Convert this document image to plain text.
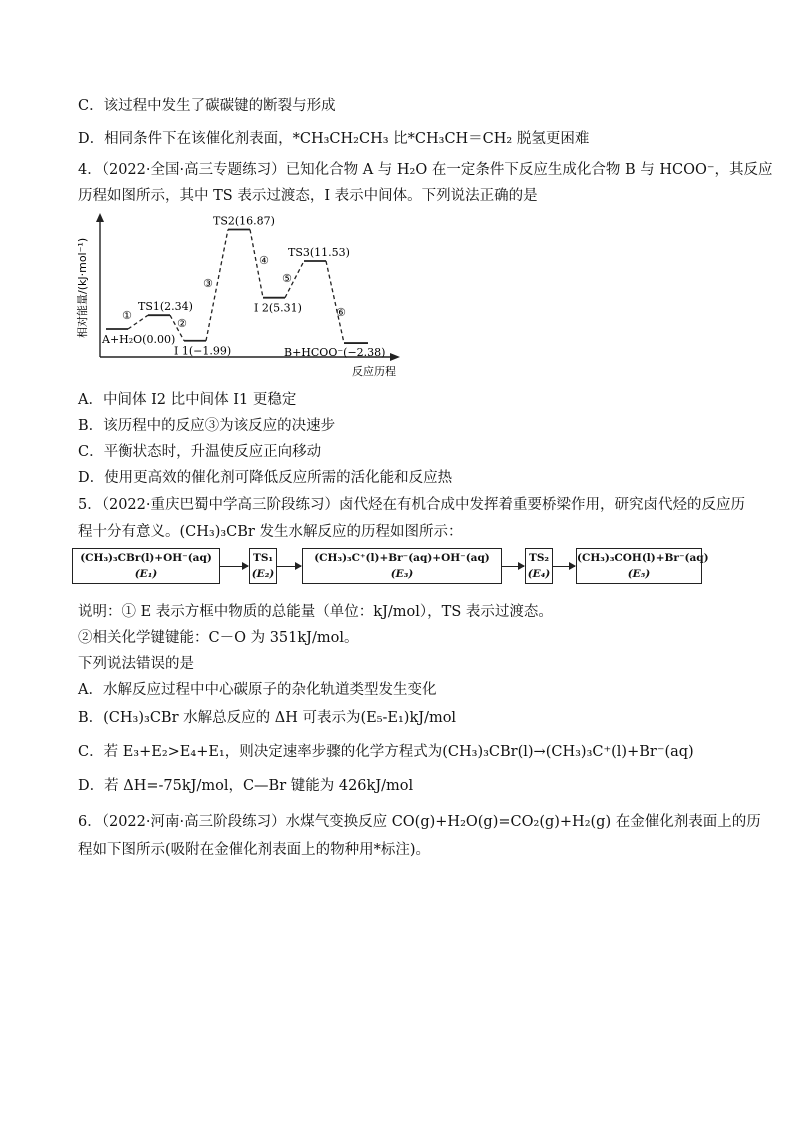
C．该过程中发生了碳碳键的断裂与形成
D．相同条件下在该催化剂表面，*CH₃CH₂CH₃ 比*CH₃CH＝CH₂ 脱氢更困难
4．（2022·全国·高三专题练习）已知化合物 A 与 H₂O 在一定条件下反应生成化合物 B 与 HCOO⁻，其反应
历程如图所示，其中 TS 表示过渡态，I 表示中间体。下列说法正确的是
相对能量/(kJ·mol⁻¹)
反应历程
A+H₂O(0.00)
TS1(2.34)
I 1(−1.99)
TS2(16.87)
I 2(5.31)
TS3(11.53)
B+HCOO⁻(−2.38)
①
②
③
④
⑤
⑥
A．中间体 I2 比中间体 I1 更稳定
B．该历程中的反应③为该反应的决速步
C．平衡状态时，升温使反应正向移动
D．使用更高效的催化剂可降低反应所需的活化能和反应热
5．（2022·重庆巴蜀中学高三阶段练习）卤代烃在有机合成中发挥着重要桥梁作用，研究卤代烃的反应历
程十分有意义。(CH₃)₃CBr 发生水解反应的历程如图所示：
(CH₃)₃CBr(l)+OH⁻(aq)
(E₁)
TS₁
(E₂)
(CH₃)₃C⁺(l)+Br⁻(aq)+OH⁻(aq)
(E₃)
TS₂
(E₄)
(CH₃)₃COH(l)+Br⁻(aq)
(E₅)
说明：① E 表示方框中物质的总能量（单位：kJ/mol），TS 表示过渡态。
②相关化学键键能：C－O 为 351kJ/mol。
下列说法错误的是
A．水解反应过程中中心碳原子的杂化轨道类型发生变化
B．(CH₃)₃CBr 水解总反应的 ΔH 可表示为(E₅-E₁)kJ/mol
C．若 E₃+E₂>E₄+E₁，则决定速率步骤的化学方程式为(CH₃)₃CBr(l)→(CH₃)₃C⁺(l)+Br⁻(aq)
D．若 ΔH=-75kJ/mol，C—Br 键能为 426kJ/mol
6．（2022·河南·高三阶段练习）水煤气变换反应 CO(g)+H₂O(g)=CO₂(g)+H₂(g) 在金催化剂表面上的历
程如下图所示(吸附在金催化剂表面上的物种用*标注)。
